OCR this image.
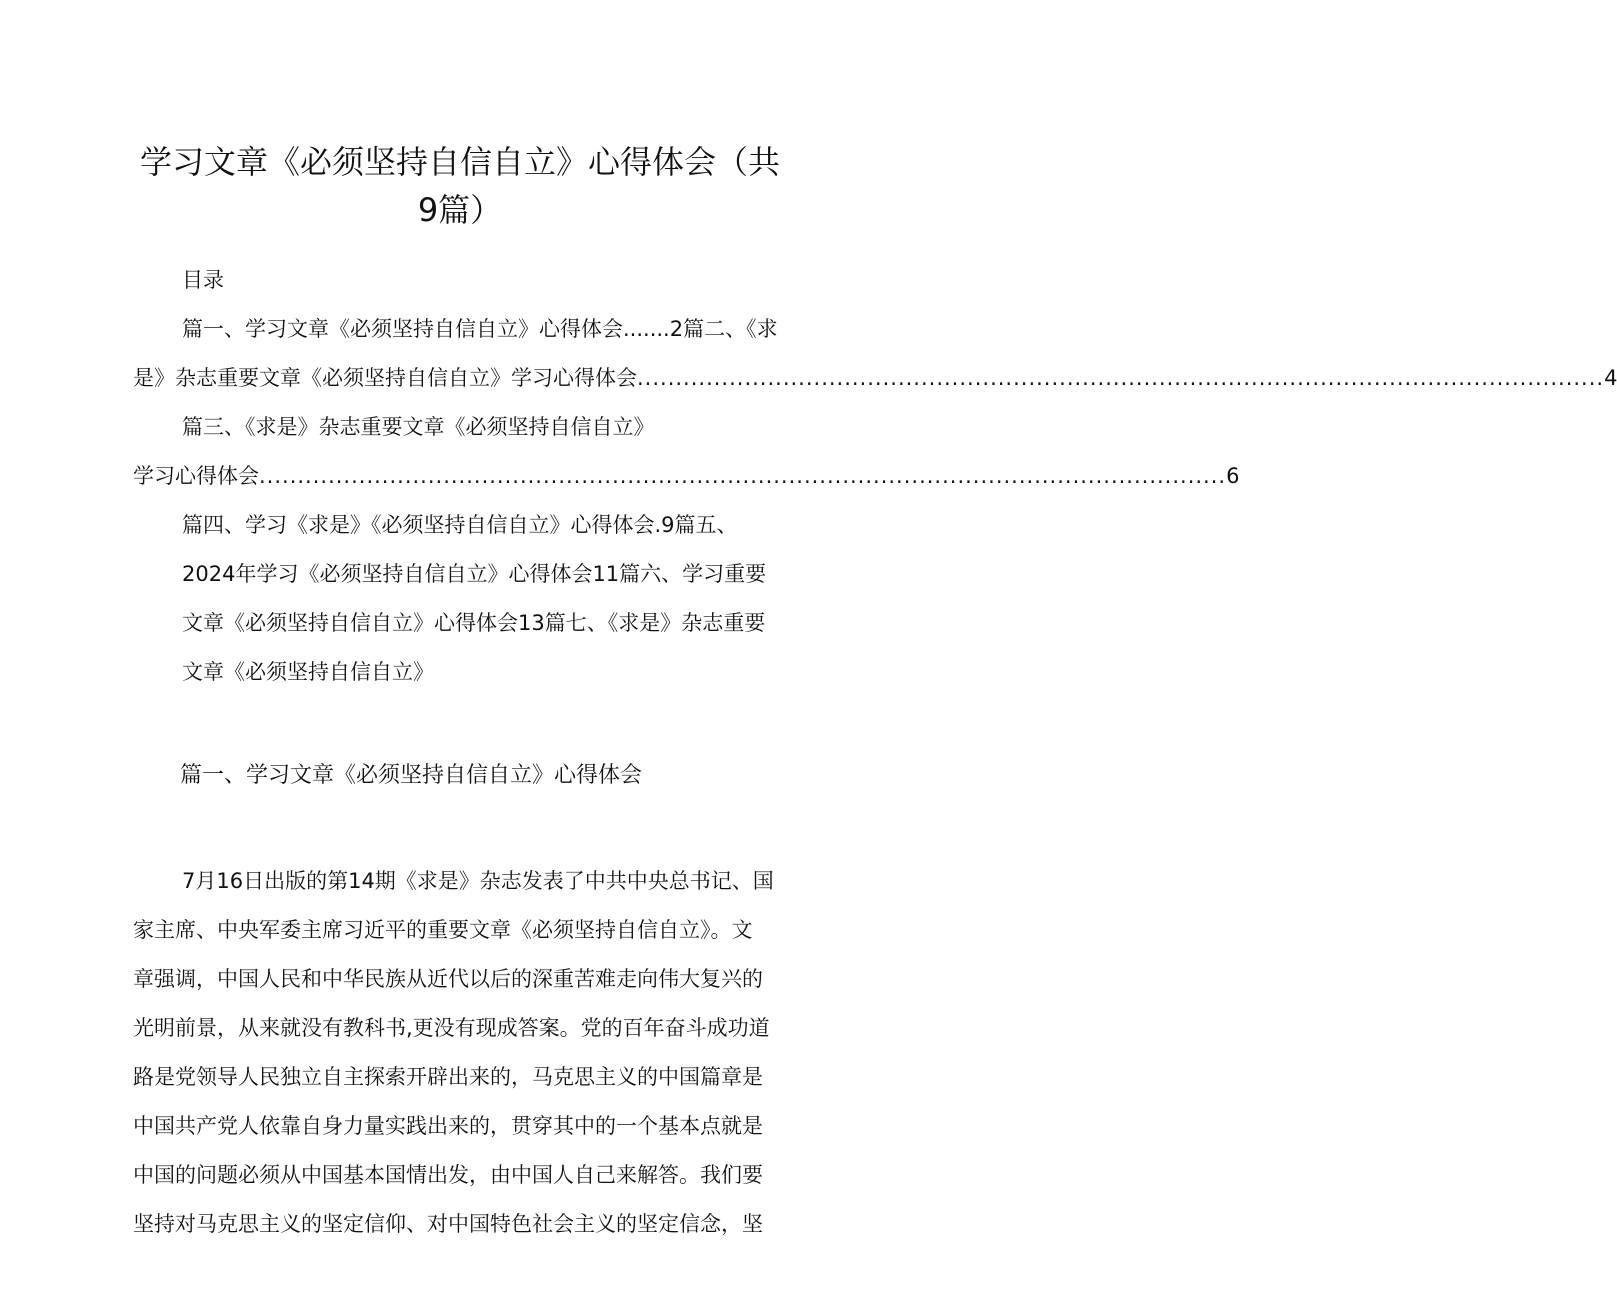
学习文章《必须坚持自信自立》心得体会（共
9篇）
目录
篇一、学习文章《必须坚持自信自立》心得体会.......2篇二、《求
是》杂志重要文章《必须坚持自信自立》学习心得体会 .............................................................................................................................. 4
篇三、《求是》杂志重要文章《必须坚持自信自立》
学习心得体会 .............................................................................................................................. 6
篇四、学习《求是》《必须坚持自信自立》心得体会.9篇五、
2024年学习《必须坚持自信自立》心得体会11篇六、学习重要
文章《必须坚持自信自立》心得体会13篇七、《求是》杂志重要
文章《必须坚持自信自立》
篇一、学习文章《必须坚持自信自立》心得体会
7月16日出版的第14期《求是》杂志发表了中共中央总书记、国
家主席、中央军委主席习近平的重要文章《必须坚持自信自立》。文
章强调，中国人民和中华民族从近代以后的深重苦难走向伟大复兴的
光明前景，从来就没有教科书,更没有现成答案。党的百年奋斗成功道
路是党领导人民独立自主探索开辟出来的，马克思主义的中国篇章是
中国共产党人依靠自身力量实践出来的，贯穿其中的一个基本点就是
中国的问题必须从中国基本国情出发，由中国人自己来解答。我们要
坚持对马克思主义的坚定信仰、对中国特色社会主义的坚定信念，坚
